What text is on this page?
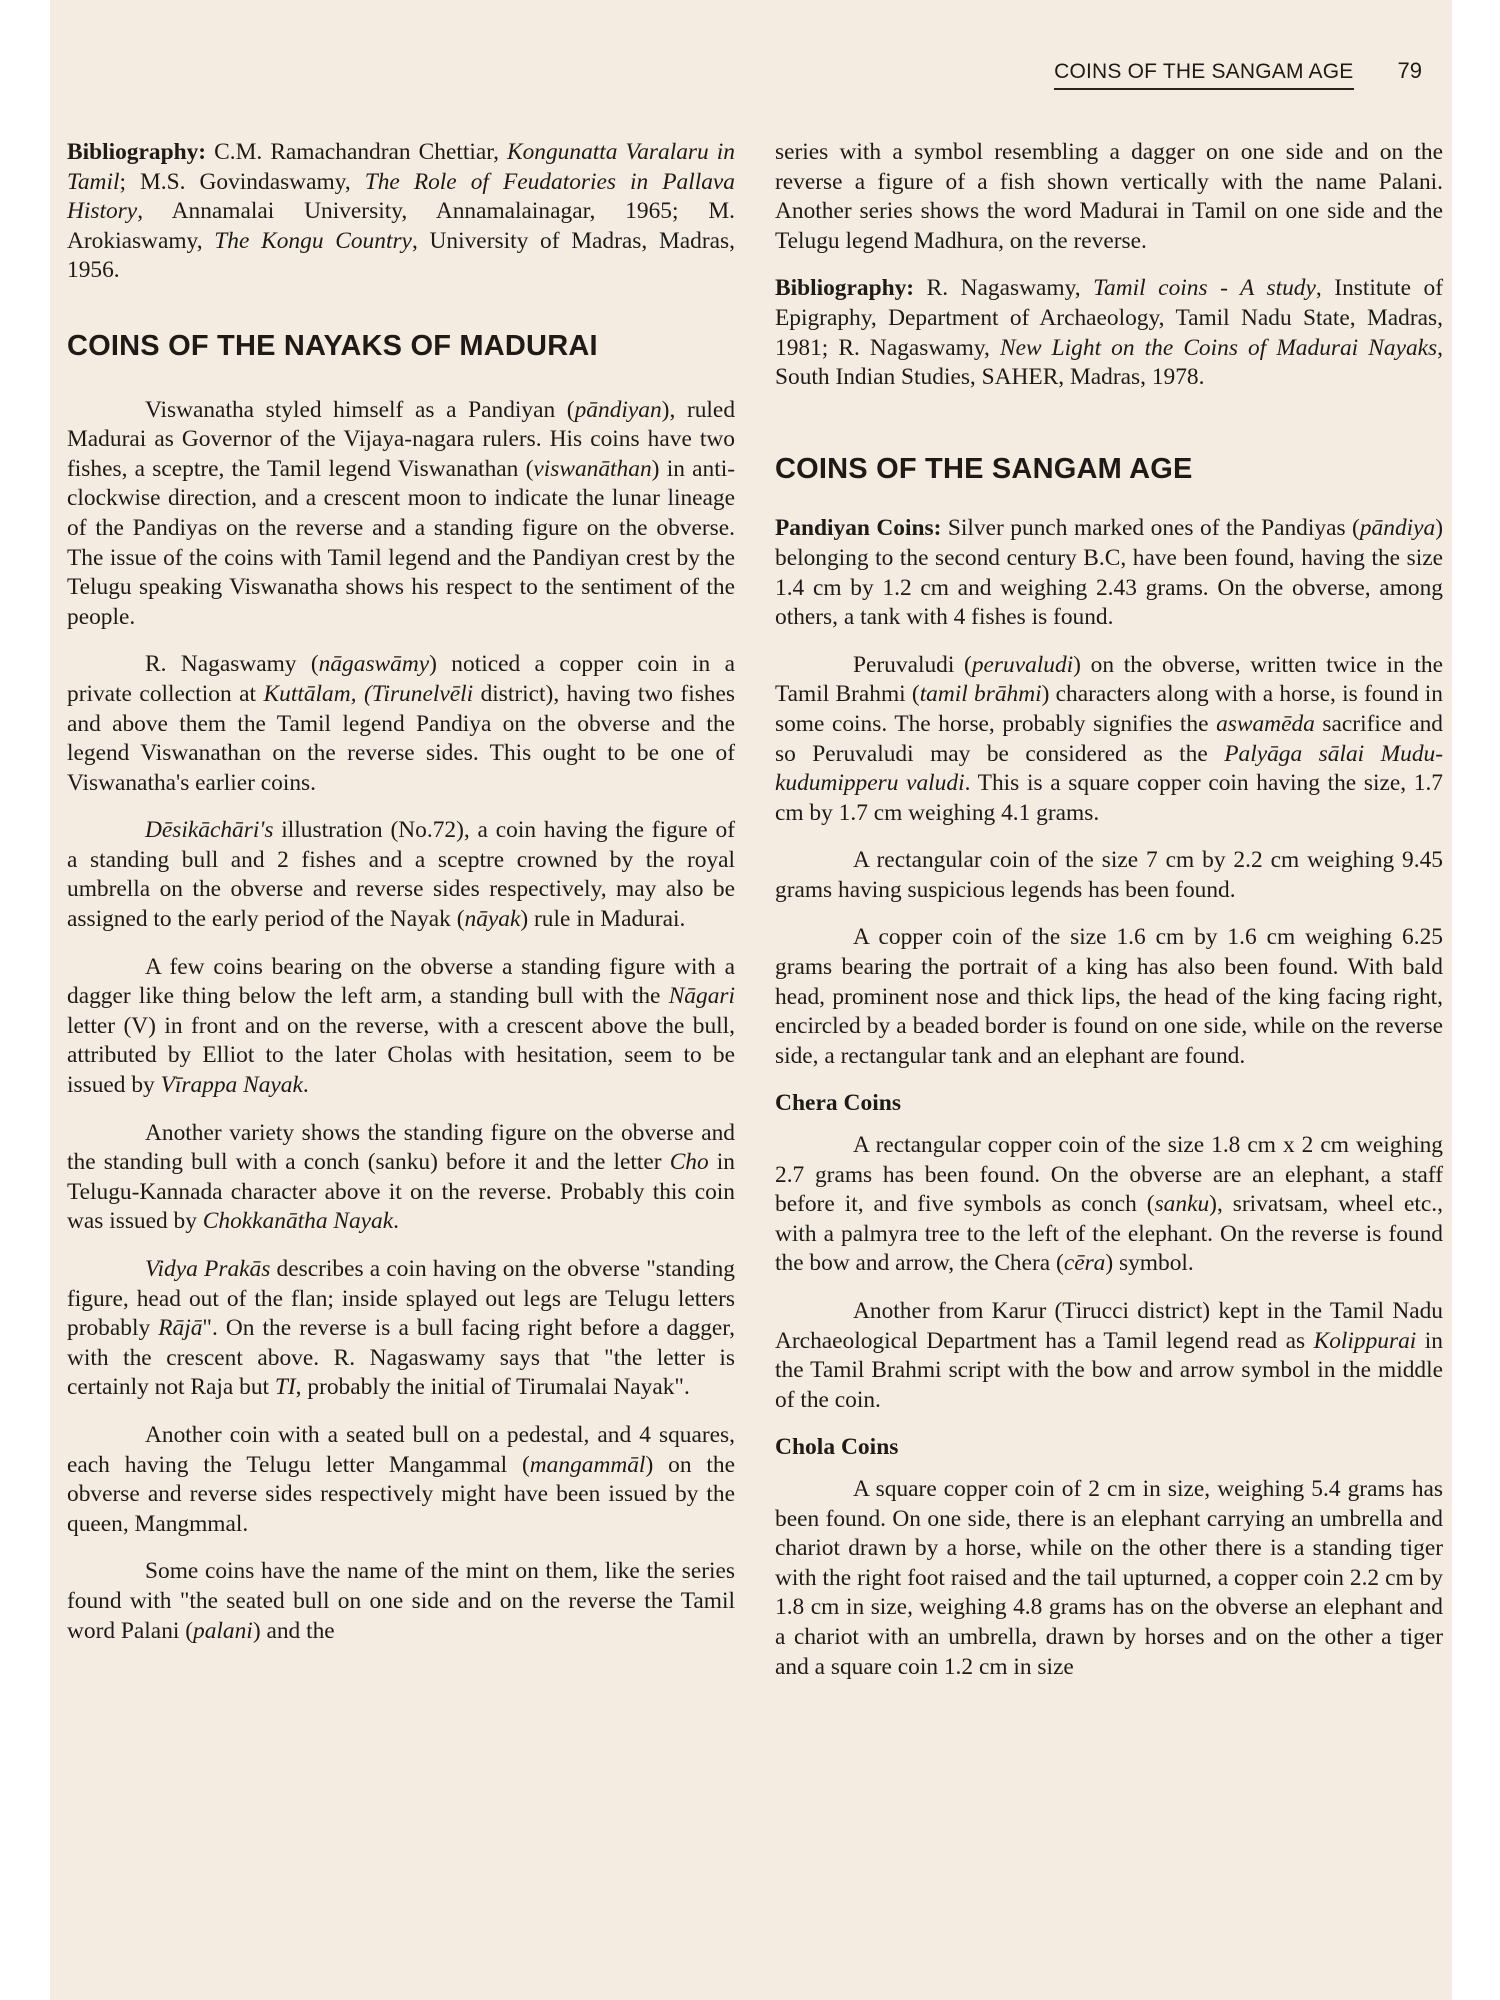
COINS OF THE SANGAM AGE 79

Bibliography: C.M. Ramachandran Chettiar, Kongunatta Varalaru in Tamil; M.S. Govindaswamy, The Role of Feudatories in Pallava History, Annamalai University, Annamalainagar, 1965; M. Arokiaswamy, The Kongu Country, University of Madras, Madras, 1956.

COINS OF THE NAYAKS OF MADURAI

Viswanatha styled himself as a Pandiyan (pāndiyan), ruled Madurai as Governor of the Vijaya-nagara rulers. His coins have two fishes, a sceptre, the Tamil legend Viswanathan (viswanāthan) in anti-clockwise direction, and a crescent moon to indicate the lunar lineage of the Pandiyas on the reverse and a standing figure on the obverse. The issue of the coins with Tamil legend and the Pandiyan crest by the Telugu speaking Viswanatha shows his respect to the sentiment of the people.

R. Nagaswamy (nāgaswāmy) noticed a copper coin in a private collection at Kuttālam, (Tirunelvēli district), having two fishes and above them the Tamil legend Pandiya on the obverse and the legend Viswanathan on the reverse sides. This ought to be one of Viswanatha's earlier coins.

Dēsikāchāri's illustration (No.72), a coin having the figure of a standing bull and 2 fishes and a sceptre crowned by the royal umbrella on the obverse and reverse sides respectively, may also be assigned to the early period of the Nayak (nāyak) rule in Madurai.

A few coins bearing on the obverse a standing figure with a dagger like thing below the left arm, a standing bull with the Nāgari letter (V) in front and on the reverse, with a crescent above the bull, attributed by Elliot to the later Cholas with hesitation, seem to be issued by Vīrappa Nayak.

Another variety shows the standing figure on the obverse and the standing bull with a conch (sanku) before it and the letter Cho in Telugu-Kannada character above it on the reverse. Probably this coin was issued by Chokkanātha Nayak.

Vidya Prakās describes a coin having on the obverse "standing figure, head out of the flan; inside splayed out legs are Telugu letters probably Rājā". On the reverse is a bull facing right before a dagger, with the crescent above. R. Nagaswamy says that "the letter is certainly not Raja but TI, probably the initial of Tirumalai Nayak".

Another coin with a seated bull on a pedestal, and 4 squares, each having the Telugu letter Mangammal (mangammāl) on the obverse and reverse sides respectively might have been issued by the queen, Mangmmal.

Some coins have the name of the mint on them, like the series found with "the seated bull on one side and on the reverse the Tamil word Palani (palani) and the

series with a symbol resembling a dagger on one side and on the reverse a figure of a fish shown vertically with the name Palani. Another series shows the word Madurai in Tamil on one side and the Telugu legend Madhura, on the reverse.

Bibliography: R. Nagaswamy, Tamil coins - A study, Institute of Epigraphy, Department of Archaeology, Tamil Nadu State, Madras, 1981; R. Nagaswamy, New Light on the Coins of Madurai Nayaks, South Indian Studies, SAHER, Madras, 1978.

COINS OF THE SANGAM AGE

Pandiyan Coins: Silver punch marked ones of the Pandiyas (pāndiya) belonging to the second century B.C, have been found, having the size 1.4 cm by 1.2 cm and weighing 2.43 grams. On the obverse, among others, a tank with 4 fishes is found.

Peruvaludi (peruvaludi) on the obverse, written twice in the Tamil Brahmi (tamil brāhmi) characters along with a horse, is found in some coins. The horse, probably signifies the aswamēda sacrifice and so Peruvaludi may be considered as the Palyāga sālai Mudu-kudumipperu valudi. This is a square copper coin having the size, 1.7 cm by 1.7 cm weighing 4.1 grams.

A rectangular coin of the size 7 cm by 2.2 cm weighing 9.45 grams having suspicious legends has been found.

A copper coin of the size 1.6 cm by 1.6 cm weighing 6.25 grams bearing the portrait of a king has also been found. With bald head, prominent nose and thick lips, the head of the king facing right, encircled by a beaded border is found on one side, while on the reverse side, a rectangular tank and an elephant are found.

Chera Coins

A rectangular copper coin of the size 1.8 cm x 2 cm weighing 2.7 grams has been found. On the obverse are an elephant, a staff before it, and five symbols as conch (sanku), srivatsam, wheel etc., with a palmyra tree to the left of the elephant. On the reverse is found the bow and arrow, the Chera (cēra) symbol.

Another from Karur (Tirucci district) kept in the Tamil Nadu Archaeological Department has a Tamil legend read as Kolippurai in the Tamil Brahmi script with the bow and arrow symbol in the middle of the coin.

Chola Coins

A square copper coin of 2 cm in size, weighing 5.4 grams has been found. On one side, there is an elephant carrying an umbrella and chariot drawn by a horse, while on the other there is a standing tiger with the right foot raised and the tail upturned, a copper coin 2.2 cm by 1.8 cm in size, weighing 4.8 grams has on the obverse an elephant and a chariot with an umbrella, drawn by horses and on the other a tiger and a square coin 1.2 cm in size
